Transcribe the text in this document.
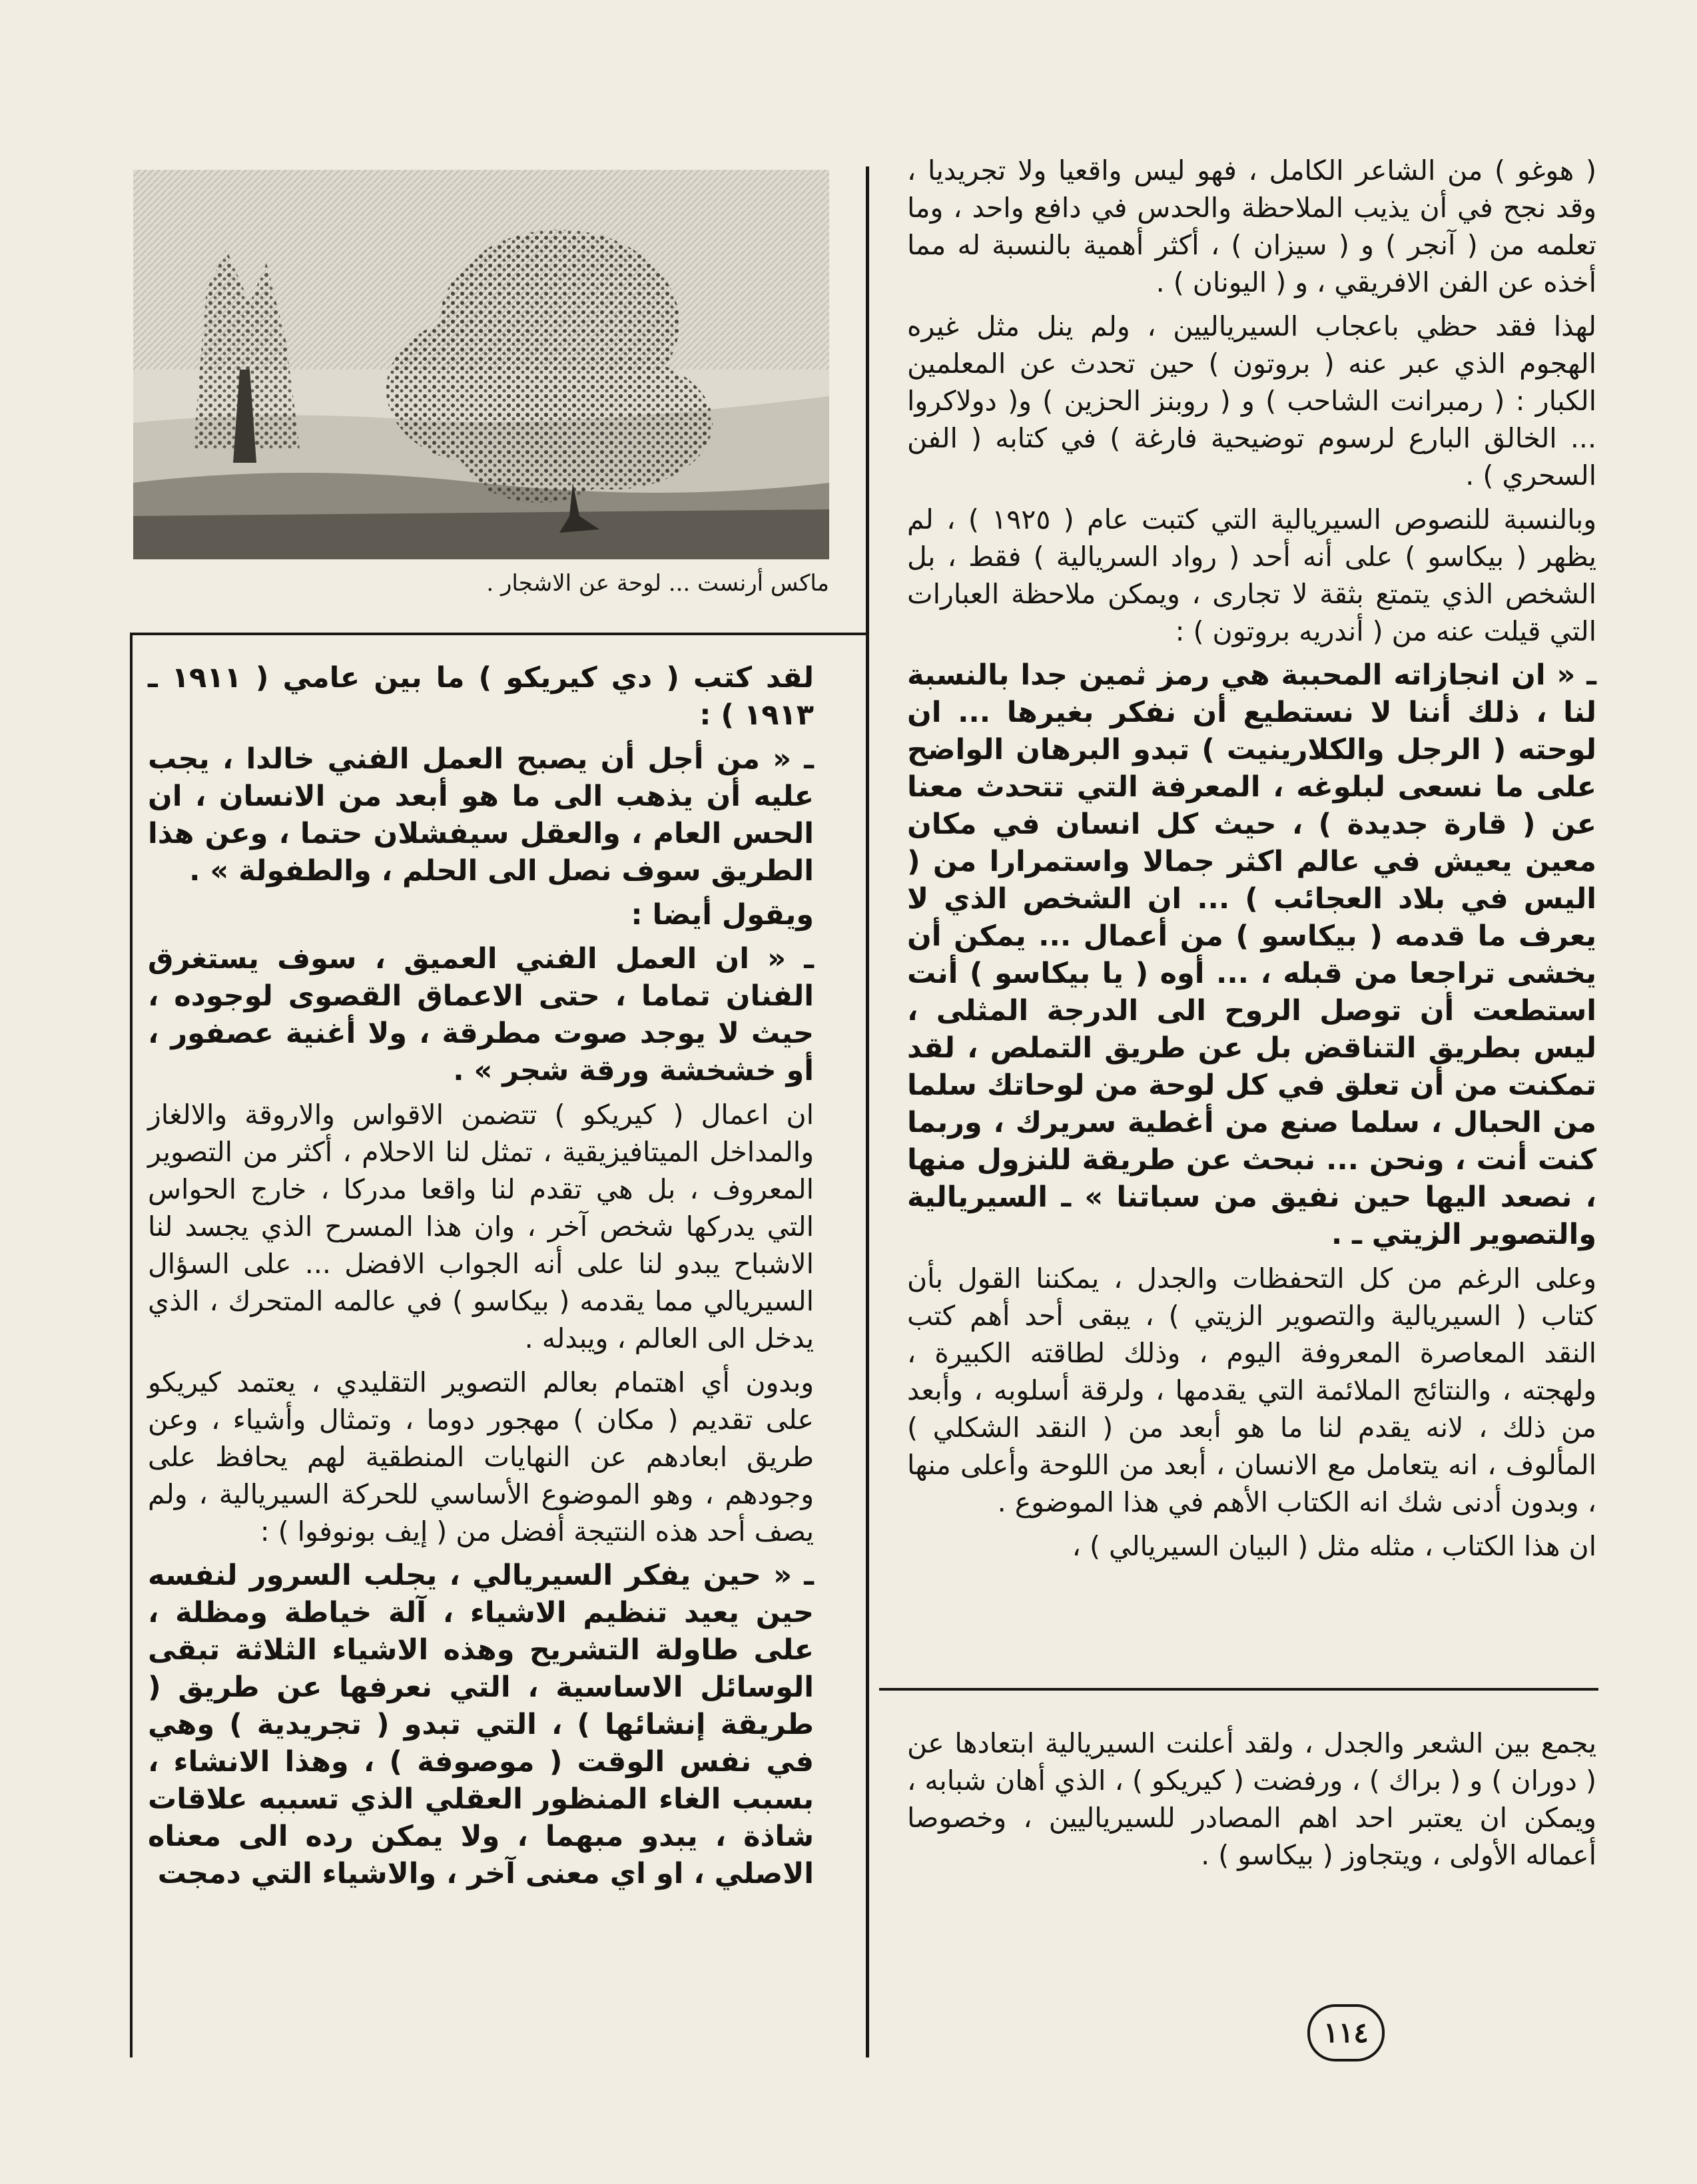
ماكس أرنست ... لوحة عن الاشجار .

( هوغو ) من الشاعر الكامل ، فهو ليس واقعيا ولا تجريديا ، وقد نجح في أن يذيب الملاحظة والحدس في دافع واحد ، وما تعلمه من ( آنجر ) و ( سيزان ) ، أكثر أهمية بالنسبة له مما أخذه عن الفن الافريقي ، و ( اليونان ) .

لهذا فقد حظي باعجاب السيرياليين ، ولم ينل مثل غيره الهجوم الذي عبر عنه ( بروتون ) حين تحدث عن المعلمين الكبار : ( رمبرانت الشاحب ) و ( روبنز الحزين ) و( دولاكروا ... الخالق البارع لرسوم توضيحية فارغة ) في كتابه ( الفن السحري ) .

وبالنسبة للنصوص السيريالية التي كتبت عام ( ١٩٢٥ ) ، لم يظهر ( بيكاسو ) على أنه أحد ( رواد السريالية ) فقط ، بل الشخص الذي يتمتع بثقة لا تجارى ، ويمكن ملاحظة العبارات التي قيلت عنه من ( أندريه بروتون ) :

ـ « ان انجازاته المحببة هي رمز ثمين جدا بالنسبة لنا ، ذلك أننا لا نستطيع أن نفكر بغيرها ... ان لوحته ( الرجل والكلارينيت ) تبدو البرهان الواضح على ما نسعى لبلوغه ، المعرفة التي تتحدث معنا عن ( قارة جديدة ) ، حيث كل انسان في مكان معين يعيش في عالم اكثر جمالا واستمرارا من ( اليس في بلاد العجائب ) ... ان الشخص الذي لا يعرف ما قدمه ( بيكاسو ) من أعمال ... يمكن أن يخشى تراجعا من قبله ، ... أوه ( يا بيكاسو ) أنت استطعت أن توصل الروح الى الدرجة المثلى ، ليس بطريق التناقض بل عن طريق التملص ، لقد تمكنت من أن تعلق في كل لوحة من لوحاتك سلما من الحبال ، سلما صنع من أغطية سريرك ، وربما كنت أنت ، ونحن ... نبحث عن طريقة للنزول منها ، نصعد اليها حين نفيق من سباتنا » ـ السيريالية والتصوير الزيتي ـ .

وعلى الرغم من كل التحفظات والجدل ، يمكننا القول بأن كتاب ( السيريالية والتصوير الزيتي ) ، يبقى أحد أهم كتب النقد المعاصرة المعروفة اليوم ، وذلك لطاقته الكبيرة ، ولهجته ، والنتائج الملائمة التي يقدمها ، ولرقة أسلوبه ، وأبعد من ذلك ، لانه يقدم لنا ما هو أبعد من ( النقد الشكلي ) المألوف ، انه يتعامل مع الانسان ، أبعد من اللوحة وأعلى منها ، وبدون أدنى شك انه الكتاب الأهم في هذا الموضوع .

ان هذا الكتاب ، مثله مثل ( البيان السيريالي ) ،

يجمع بين الشعر والجدل ، ولقد أعلنت السيريالية ابتعادها عن ( دوران ) و ( براك ) ، ورفضت ( كيريكو ) ، الذي أهان شبابه ، ويمكن ان يعتبر احد اهم المصادر للسيرياليين ، وخصوصا أعماله الأولى ، ويتجاوز ( بيكاسو ) .

لقد كتب ( دي كيريكو ) ما بين عامي ( ١٩١١ ـ ١٩١٣ ) :

ـ « من أجل أن يصبح العمل الفني خالدا ، يجب عليه أن يذهب الى ما هو أبعد من الانسان ، ان الحس العام ، والعقل سيفشلان حتما ، وعن هذا الطريق سوف نصل الى الحلم ، والطفولة » .

ويقول أيضا :

ـ « ان العمل الفني العميق ، سوف يستغرق الفنان تماما ، حتى الاعماق القصوى لوجوده ، حيث لا يوجد صوت مطرقة ، ولا أغنية عصفور ، أو خشخشة ورقة شجر » .

ان اعمال ( كيريكو ) تتضمن الاقواس والاروقة والالغاز والمداخل الميتافيزيقية ، تمثل لنا الاحلام ، أكثر من التصوير المعروف ، بل هي تقدم لنا واقعا مدركا ، خارج الحواس التي يدركها شخص آخر ، وان هذا المسرح الذي يجسد لنا الاشباح يبدو لنا على أنه الجواب الافضل ... على السؤال السيريالي مما يقدمه ( بيكاسو ) في عالمه المتحرك ، الذي يدخل الى العالم ، ويبدله .

وبدون أي اهتمام بعالم التصوير التقليدي ، يعتمد كيريكو على تقديم ( مكان ) مهجور دوما ، وتمثال وأشياء ، وعن طريق ابعادهم عن النهايات المنطقية لهم يحافظ على وجودهم ، وهو الموضوع الأساسي للحركة السيريالية ، ولم يصف أحد هذه النتيجة أفضل من ( إيف بونوفوا ) :

ـ « حين يفكر السيريالي ، يجلب السرور لنفسه حين يعيد تنظيم الاشياء ، آلة خياطة ومظلة ، على طاولة التشريح وهذه الاشياء الثلاثة تبقى الوسائل الاساسية ، التي نعرفها عن طريق ( طريقة إنشائها ) ، التي تبدو ( تجريدية ) وهي في نفس الوقت ( موصوفة ) ، وهذا الانشاء ، بسبب الغاء المنظور العقلي الذي تسببه علاقات شاذة ، يبدو مبهما ، ولا يمكن رده الى معناه الاصلي ، او اي معنى آخر ، والاشياء التي دمجت

١١٤
